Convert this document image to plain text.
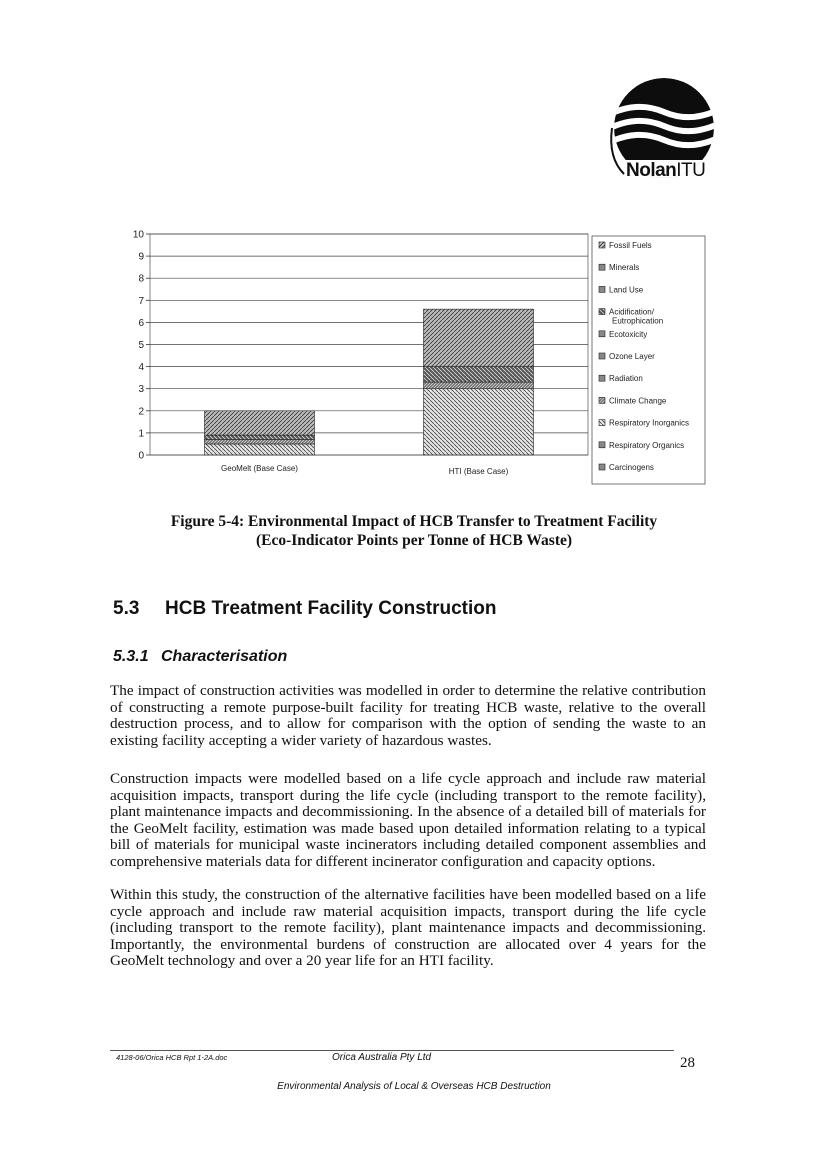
NolanITU
0
1
2
3
4
5
6
7
8
9
10
GeoMelt (Base Case)	HTI (Base Case)
Fossil Fuels
Minerals
Land Use
Acidification/
Eutrophication
Ecotoxicity
Ozone Layer
Radiation
Climate Change
Respiratory Inorganics
Respiratory Organics
Carcinogens
Figure 5-4: Environmental Impact of HCB Transfer to Treatment Facility
(Eco-Indicator Points per Tonne of HCB Waste)
5.3 HCB Treatment Facility Construction
5.3.1 Characterisation

The impact of construction activities was modelled in order to determine the relative contribution of constructing a remote purpose-built facility for treating HCB waste, relative to the overall destruction process, and to allow for comparison with the option of sending the waste to an existing facility accepting a wider variety of hazardous wastes.

Construction impacts were modelled based on a life cycle approach and include raw material acquisition impacts, transport during the life cycle (including transport to the remote facility), plant maintenance impacts and decommissioning. In the absence of a detailed bill of materials for the GeoMelt facility, estimation was made based upon detailed information relating to a typical bill of materials for municipal waste incinerators including detailed component assemblies and comprehensive materials data for different incinerator configuration and capacity options.

Within this study, the construction of the alternative facilities have been modelled based on a life cycle approach and include raw material acquisition impacts, transport during the life cycle (including transport to the remote facility), plant maintenance impacts and decommissioning. Importantly, the environmental burdens of construction are allocated over 4 years for the GeoMelt technology and over a 20 year life for an HTI facility.

4128-06/Orica HCB Rpt 1-2A.doc	Orica Australia Pty Ltd	28
Environmental Analysis of Local & Overseas HCB Destruction
